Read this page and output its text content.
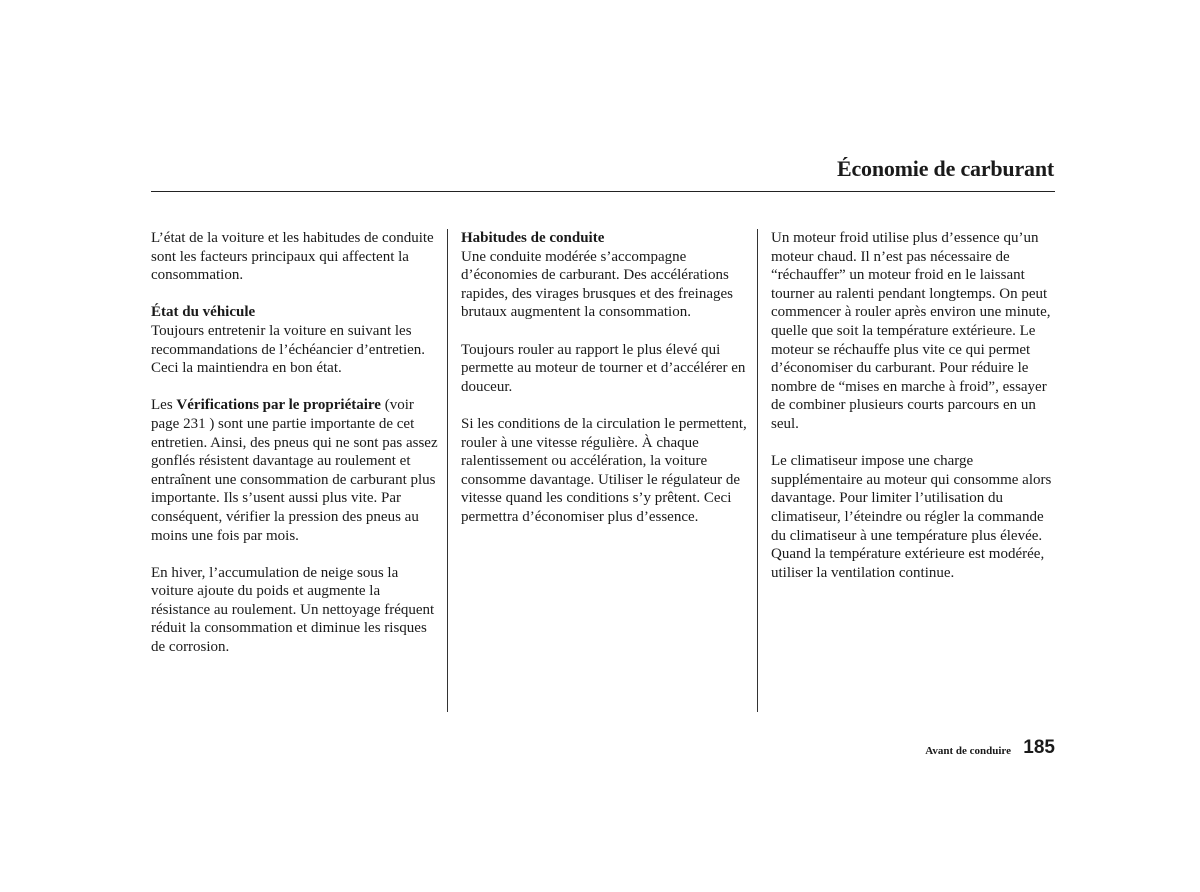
Économie de carburant

L’état de la voiture et les habitudes de conduite sont les facteurs principaux qui affectent la consommation.

État du véhicule
Toujours entretenir la voiture en suivant les recommandations de l’échéancier d’entretien. Ceci la maintiendra en bon état.

Les Vérifications par le propriétaire (voir page 231 ) sont une partie importante de cet entretien. Ainsi, des pneus qui ne sont pas assez gonflés résistent davantage au roulement et entraînent une consommation de carburant plus importante. Ils s’usent aussi plus vite. Par conséquent, vérifier la pression des pneus au moins une fois par mois.

En hiver, l’accumulation de neige sous la voiture ajoute du poids et augmente la résistance au roulement. Un nettoyage fréquent réduit la consommation et diminue les risques de corrosion.

Habitudes de conduite
Une conduite modérée s’accompagne d’économies de carburant. Des accélérations rapides, des virages brusques et des freinages brutaux augmentent la consommation.

Toujours rouler au rapport le plus élevé qui permette au moteur de tourner et d’accélérer en douceur.

Si les conditions de la circulation le permettent, rouler à une vitesse régulière. À chaque ralentissement ou accélération, la voiture consomme davantage. Utiliser le régulateur de vitesse quand les conditions s’y prêtent. Ceci permettra d’économiser plus d’essence.

Un moteur froid utilise plus d’essence qu’un moteur chaud. Il n’est pas nécessaire de “réchauffer” un moteur froid en le laissant tourner au ralenti pendant longtemps. On peut commencer à rouler après environ une minute, quelle que soit la température extérieure. Le moteur se réchauffe plus vite ce qui permet d’économiser du carburant. Pour réduire le nombre de “mises en marche à froid”, essayer de combiner plusieurs courts parcours en un seul.

Le climatiseur impose une charge supplémentaire au moteur qui consomme alors davantage. Pour limiter l’utilisation du climatiseur, l’éteindre ou régler la commande du climatiseur à une température plus élevée. Quand la température extérieure est modérée, utiliser la ventilation continue.

Avant de conduire 185
